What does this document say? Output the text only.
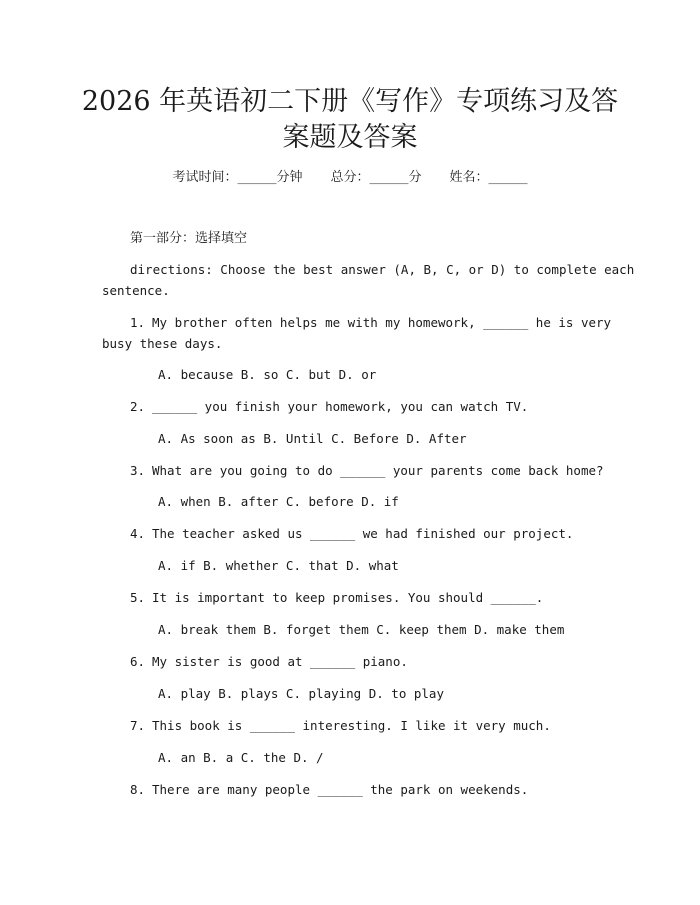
2026 年英语初二下册《写作》专项练习及答
案题及答案
考试时间：______分钟 总分：______分 姓名：______
第一部分：选择填空
directions: Choose the best answer (A, B, C, or D) to complete each
sentence.
1. My brother often helps me with my homework, ______ he is very
busy these days.
A. because B. so C. but D. or
2. ______ you finish your homework, you can watch TV.
A. As soon as B. Until C. Before D. After
3. What are you going to do ______ your parents come back home?
A. when B. after C. before D. if
4. The teacher asked us ______ we had finished our project.
A. if B. whether C. that D. what
5. It is important to keep promises. You should ______.
A. break them B. forget them C. keep them D. make them
6. My sister is good at ______ piano.
A. play B. plays C. playing D. to play
7. This book is ______ interesting. I like it very much.
A. an B. a C. the D. /
8. There are many people ______ the park on weekends.
